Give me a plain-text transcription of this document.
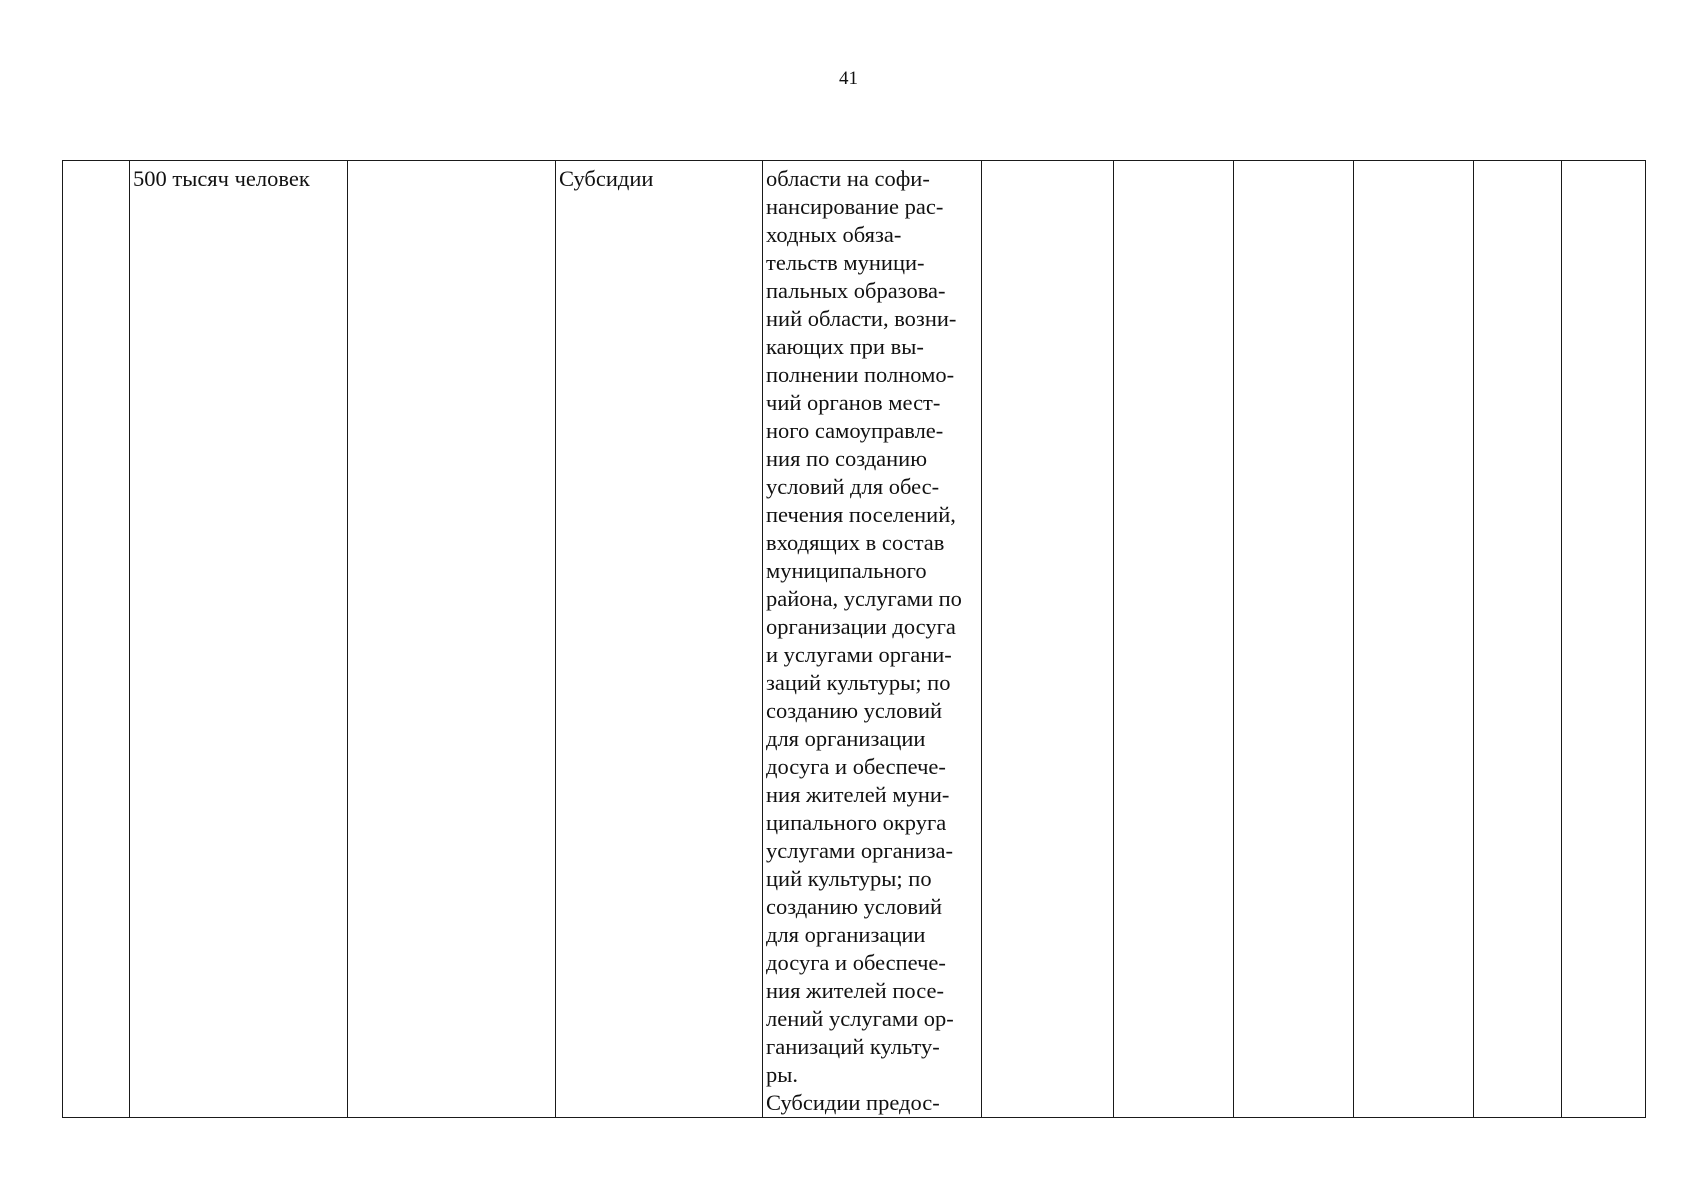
41

500 тысяч человек		Субсидии	области на софи-
нансирование рас-
ходных обяза-
тельств муници-
пальных образова-
ний области, возни-
кающих при вы-
полнении полномо-
чий органов мест-
ного самоуправле-
ния по созданию
условий для обес-
печения поселений,
входящих в состав
муниципального
района, услугами по
организации досуга
и услугами органи-
заций культуры; по
созданию условий
для организации
досуга и обеспече-
ния жителей муни-
ципального округа
услугами организа-
ций культуры; по
созданию условий
для организации
досуга и обеспече-
ния жителей посе-
лений услугами ор-
ганизаций культу-
ры.
Субсидии предос-
